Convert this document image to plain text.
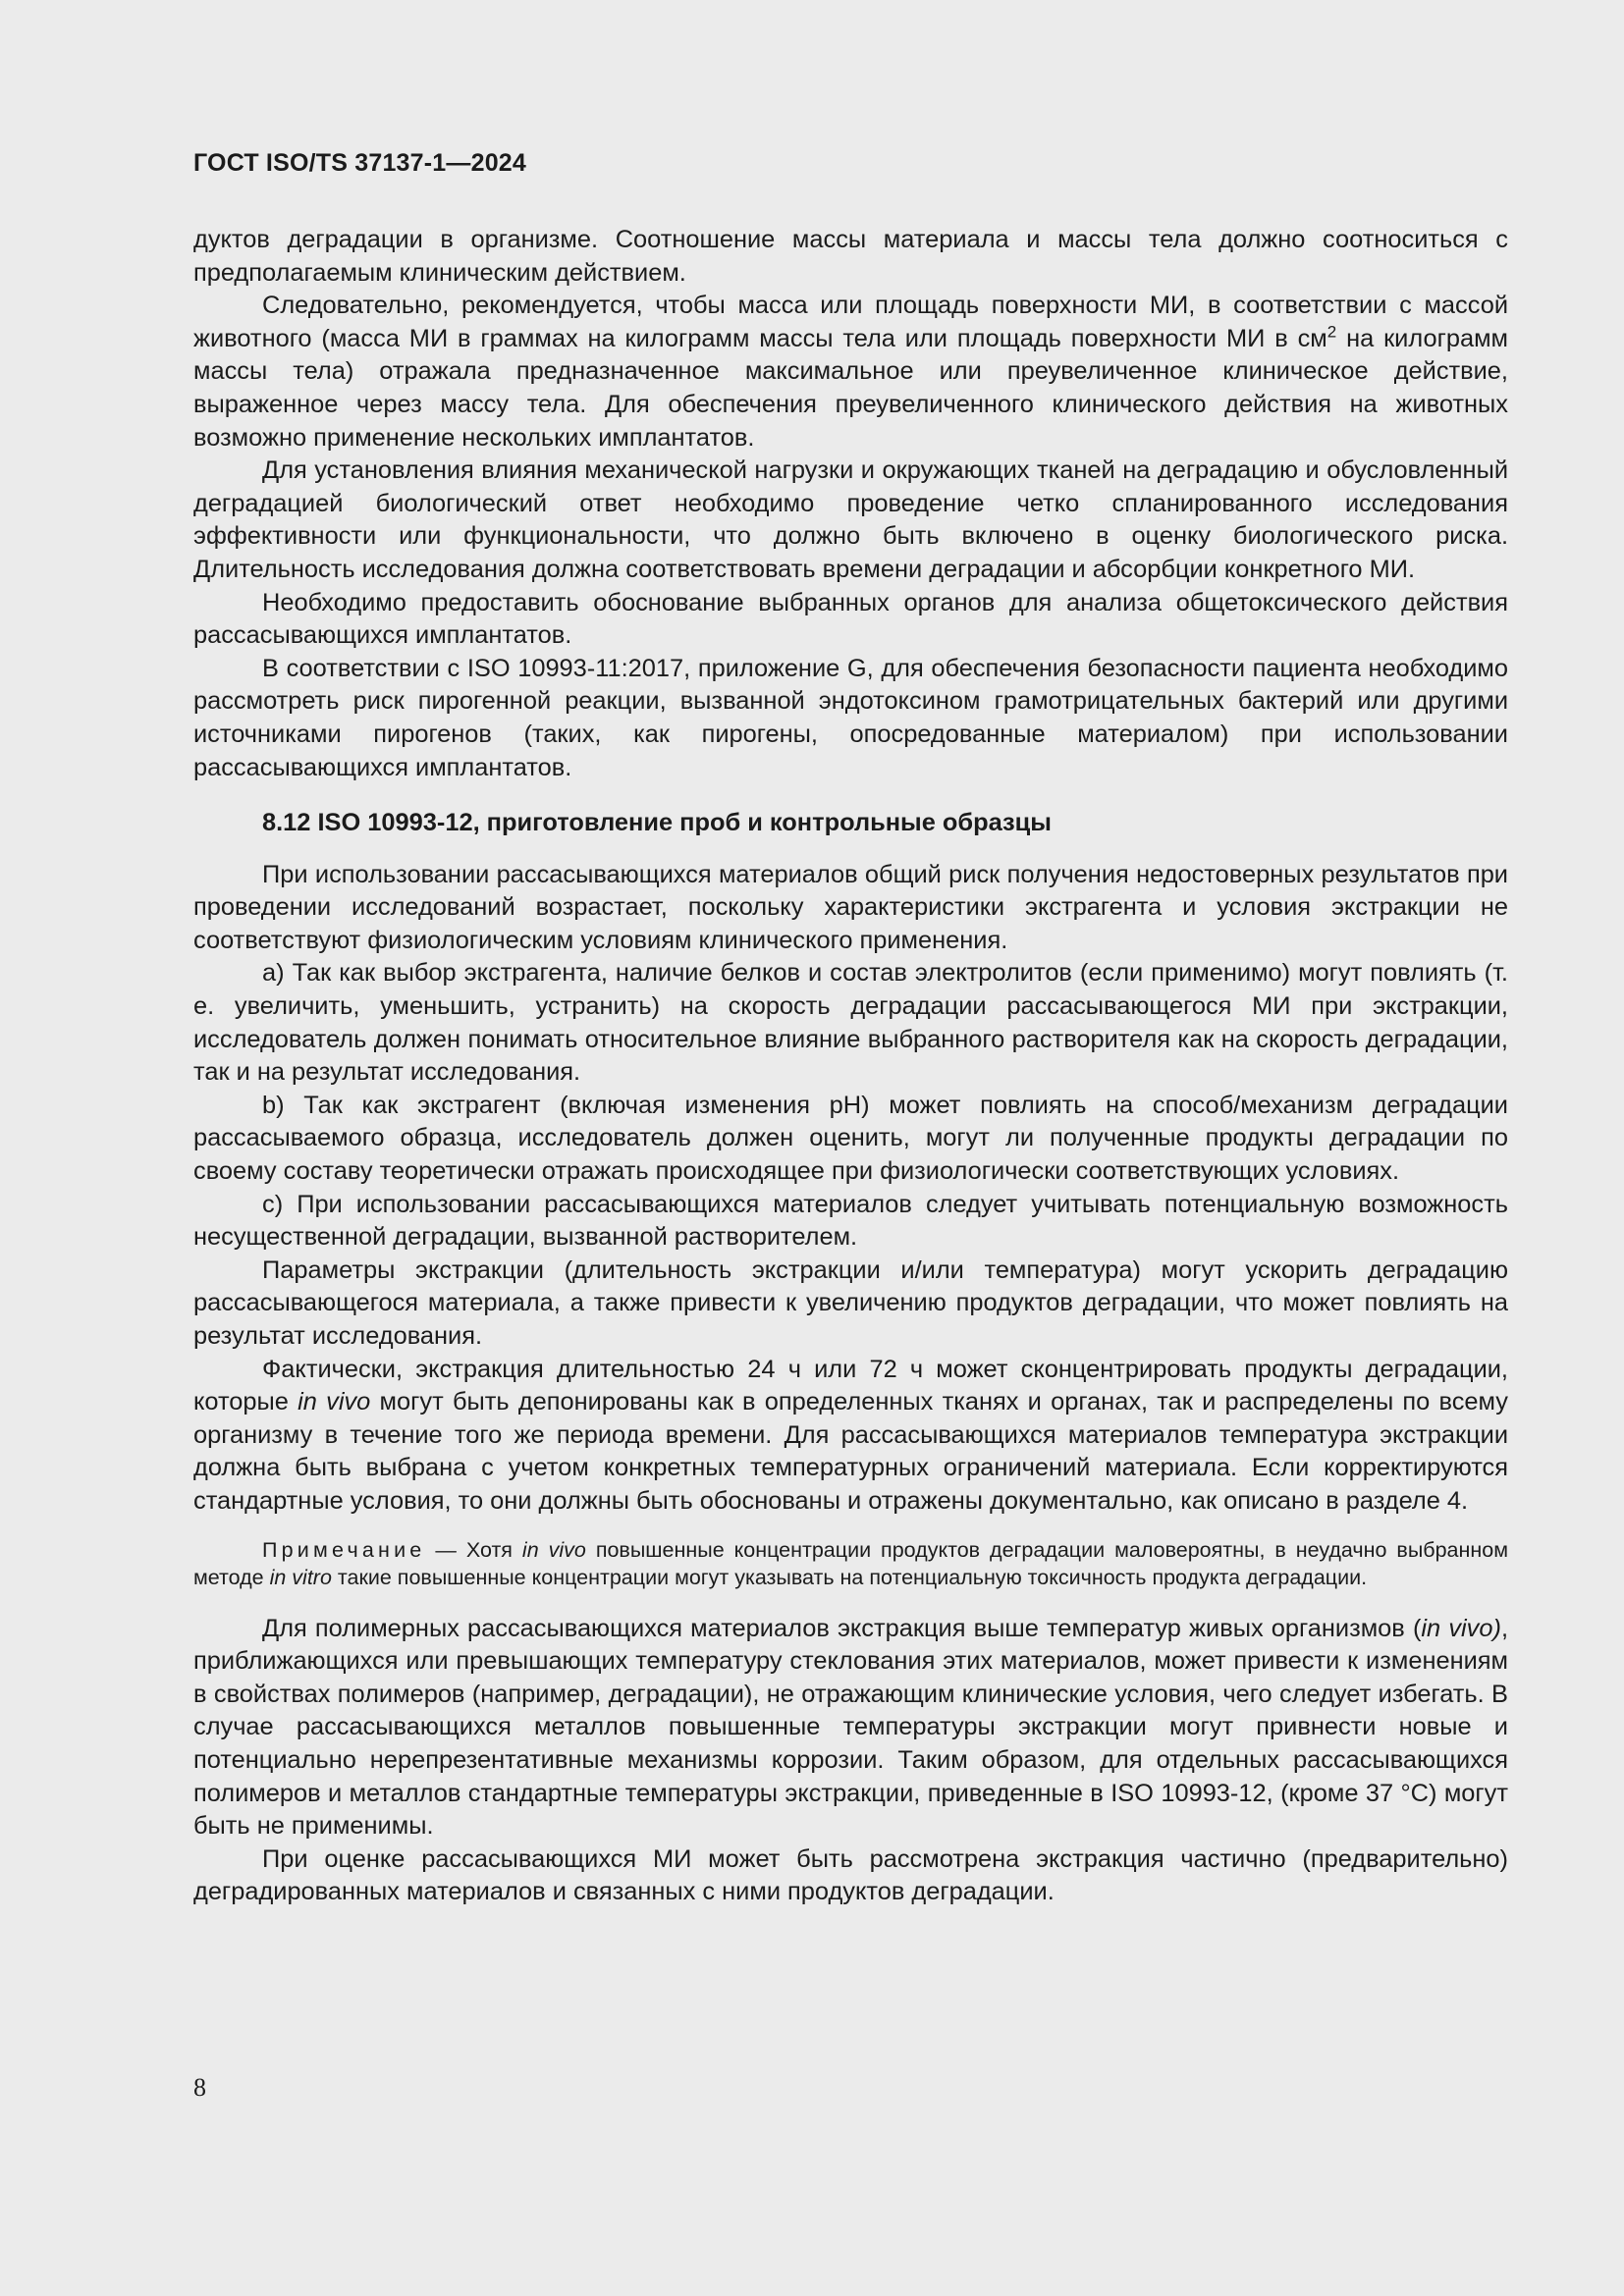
ГОСТ ISO/TS 37137-1—2024

дуктов деградации в организме. Соотношение массы материала и массы тела должно соотноситься с предполагаемым клиническим действием.

Следовательно, рекомендуется, чтобы масса или площадь поверхности МИ, в соответствии с массой животного (масса МИ в граммах на килограмм массы тела или площадь поверхности МИ в $см^2$ на килограмм массы тела) отражала предназначенное максимальное или преувеличенное клиническое действие, выраженное через массу тела. Для обеспечения преувеличенного клинического действия на животных возможно применение нескольких имплантатов.

Для установления влияния механической нагрузки и окружающих тканей на деградацию и обусловленный деградацией биологический ответ необходимо проведение четко спланированного исследования эффективности или функциональности, что должно быть включено в оценку биологического риска. Длительность исследования должна соответствовать времени деградации и абсорбции конкретного МИ.

Необходимо предоставить обоснование выбранных органов для анализа общетоксического действия рассасывающихся имплантатов.

В соответствии с ISO 10993-11:2017, приложение G, для обеспечения безопасности пациента необходимо рассмотреть риск пирогенной реакции, вызванной эндотоксином грамотрицательных бактерий или другими источниками пирогенов (таких, как пирогены, опосредованные материалом) при использовании рассасывающихся имплантатов.

8.12 ISO 10993-12, приготовление проб и контрольные образцы

При использовании рассасывающихся материалов общий риск получения недостоверных результатов при проведении исследований возрастает, поскольку характеристики экстрагента и условия экстракции не соответствуют физиологическим условиям клинического применения.

a) Так как выбор экстрагента, наличие белков и состав электролитов (если применимо) могут повлиять (т. е. увеличить, уменьшить, устранить) на скорость деградации рассасывающегося МИ при экстракции, исследователь должен понимать относительное влияние выбранного растворителя как на скорость деградации, так и на результат исследования.

b) Так как экстрагент (включая изменения pH) может повлиять на способ/механизм деградации рассасываемого образца, исследователь должен оценить, могут ли полученные продукты деградации по своему составу теоретически отражать происходящее при физиологически соответствующих условиях.

c) При использовании рассасывающихся материалов следует учитывать потенциальную возможность несущественной деградации, вызванной растворителем.

Параметры экстракции (длительность экстракции и/или температура) могут ускорить деградацию рассасывающегося материала, а также привести к увеличению продуктов деградации, что может повлиять на результат исследования.

Фактически, экстракция длительностью 24 ч или 72 ч может сконцентрировать продукты деградации, которые in vivo могут быть депонированы как в определенных тканях и органах, так и распределены по всему организму в течение того же периода времени. Для рассасывающихся материалов температура экстракции должна быть выбрана с учетом конкретных температурных ограничений материала. Если корректируются стандартные условия, то они должны быть обоснованы и отражены документально, как описано в разделе 4.

Примечание — Хотя in vivo повышенные концентрации продуктов деградации маловероятны, в неудачно выбранном методе in vitro такие повышенные концентрации могут указывать на потенциальную токсичность продукта деградации.

Для полимерных рассасывающихся материалов экстракция выше температур живых организмов (in vivo), приближающихся или превышающих температуру стеклования этих материалов, может привести к изменениям в свойствах полимеров (например, деградации), не отражающим клинические условия, чего следует избегать. В случае рассасывающихся металлов повышенные температуры экстракции могут привнести новые и потенциально нерепрезентативные механизмы коррозии. Таким образом, для отдельных рассасывающихся полимеров и металлов стандартные температуры экстракции, приведенные в ISO 10993-12, (кроме 37 °C) могут быть не применимы.

При оценке рассасывающихся МИ может быть рассмотрена экстракция частично (предварительно) деградированных материалов и связанных с ними продуктов деградации.

8
